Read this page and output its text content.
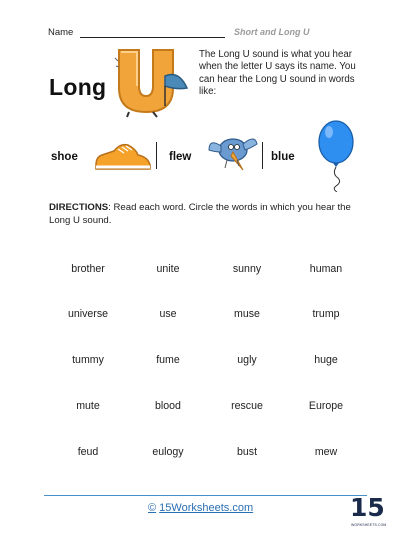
Name	Short and Long U
Long
The Long U sound is what you hear when the letter U says its name. You can hear the Long U sound in words like:
shoe	flew	blue
DIRECTIONS: Read each word. Circle the words in which you hear the Long U sound.
brother	unite	sunny	human
universe	use	muse	trump
tummy	fume	ugly	huge
mute	blood	rescue	Europe
feud	eulogy	bust	mew
© 15Worksheets.com	15
WORKSHEETS.COM
